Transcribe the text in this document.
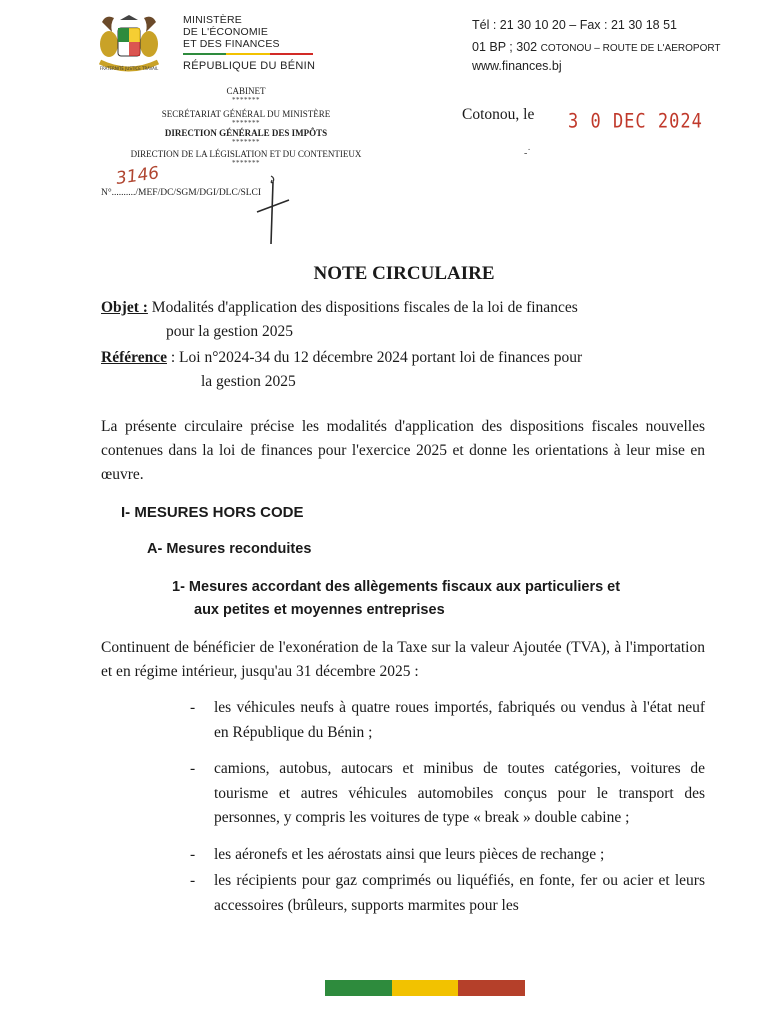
FRATERNITÉ JUSTICE TRAVAIL
MINISTÈRE
DE L'ÉCONOMIE
ET DES FINANCES
RÉPUBLIQUE DU BÉNIN
Tél : 21 30 10 20 – Fax : 21 30 18 51
01 BP ; 302 COTONOU – ROUTE DE L'AEROPORT
www.finances.bj
CABINET
*******
SECRÉTARIAT GÉNÉRAL DU MINISTÈRE
*******
DIRECTION GÉNÉRALE DES IMPÔTS
*******
DIRECTION DE LA LÉGISLATION ET DU CONTENTIEUX
*******
3146
N°........../MEF/DC/SGM/DGI/DLC/SLCI
Cotonou, le 3 0 DEC 2024
-˙
NOTE CIRCULAIRE
Objet : Modalités d'application des dispositions fiscales de la loi de finances
pour la gestion 2025
Référence : Loi n°2024-34 du 12 décembre 2024 portant loi de finances pour
la gestion 2025
La présente circulaire précise les modalités d'application des dispositions fiscales nouvelles contenues dans la loi de finances pour l'exercice 2025 et donne les orientations à leur mise en œuvre.
I- MESURES HORS CODE
A- Mesures reconduites
1- Mesures accordant des allègements fiscaux aux particuliers et
aux petites et moyennes entreprises
Continuent de bénéficier de l'exonération de la Taxe sur la valeur Ajoutée (TVA), à l'importation et en régime intérieur, jusqu'au 31 décembre 2025 :
- les véhicules neufs à quatre roues importés, fabriqués ou vendus à l'état neuf en République du Bénin ;
- camions, autobus, autocars et minibus de toutes catégories, voitures de tourisme et autres véhicules automobiles conçus pour le transport des personnes, y compris les voitures de type « break » double cabine ;
- les aéronefs et les aérostats ainsi que leurs pièces de rechange ;
- les récipients pour gaz comprimés ou liquéfiés, en fonte, fer ou acier et leurs accessoires (brûleurs, supports marmites pour les
